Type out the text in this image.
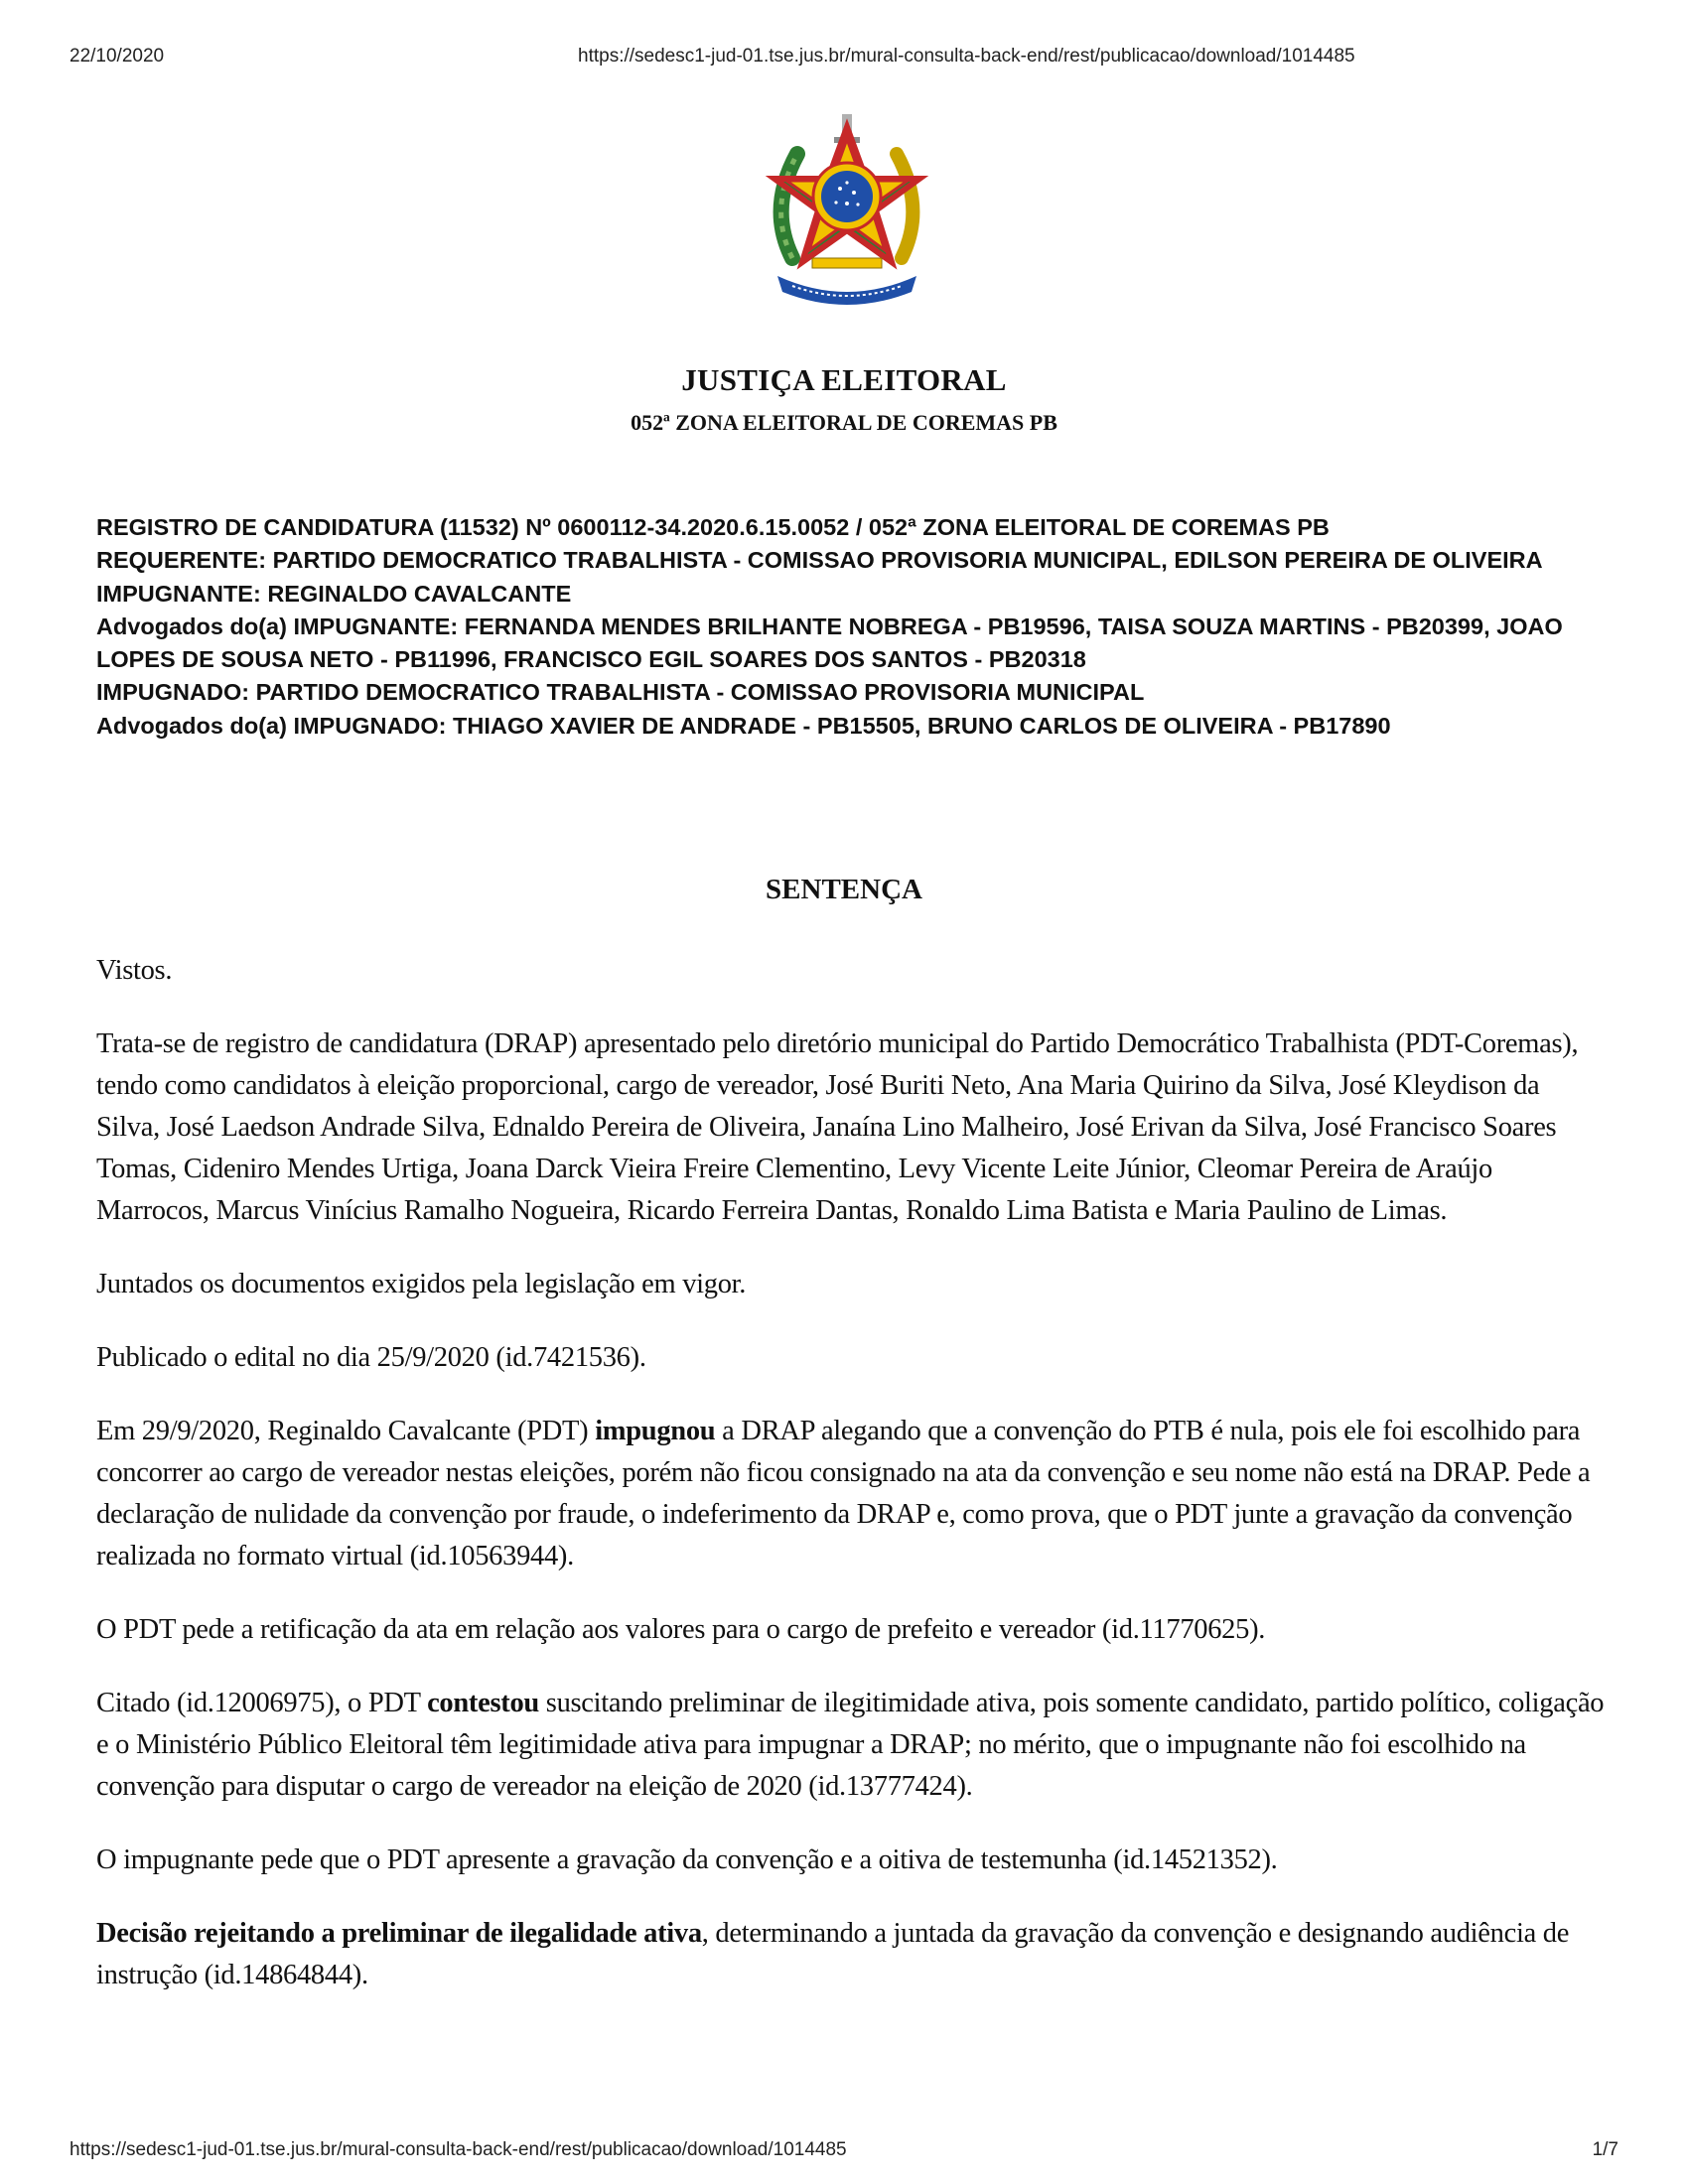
22/10/2020	https://sedesc1-jud-01.tse.jus.br/mural-consulta-back-end/rest/publicacao/download/1014485
JUSTIÇA ELEITORAL
052ª ZONA ELEITORAL DE COREMAS PB

REGISTRO DE CANDIDATURA (11532) Nº 0600112-34.2020.6.15.0052 / 052ª ZONA ELEITORAL DE COREMAS PB

REQUERENTE: PARTIDO DEMOCRATICO TRABALHISTA - COMISSAO PROVISORIA MUNICIPAL, EDILSON PEREIRA DE OLIVEIRA

IMPUGNANTE: REGINALDO CAVALCANTE

Advogados do(a) IMPUGNANTE: FERNANDA MENDES BRILHANTE NOBREGA - PB19596, TAISA SOUZA MARTINS - PB20399, JOAO LOPES DE SOUSA NETO - PB11996, FRANCISCO EGIL SOARES DOS SANTOS - PB20318

IMPUGNADO: PARTIDO DEMOCRATICO TRABALHISTA - COMISSAO PROVISORIA MUNICIPAL

Advogados do(a) IMPUGNADO: THIAGO XAVIER DE ANDRADE - PB15505, BRUNO CARLOS DE OLIVEIRA - PB17890

SENTENÇA

Vistos.

Trata-se de registro de candidatura (DRAP) apresentado pelo diretório municipal do Partido Democrático Trabalhista (PDT-Coremas), tendo como candidatos à eleição proporcional, cargo de vereador, José Buriti Neto, Ana Maria Quirino da Silva, José Kleydison da Silva, José Laedson Andrade Silva, Ednaldo Pereira de Oliveira, Janaína Lino Malheiro, José Erivan da Silva, José Francisco Soares Tomas, Cideniro Mendes Urtiga, Joana Darck Vieira Freire Clementino, Levy Vicente Leite Júnior, Cleomar Pereira de Araújo Marrocos, Marcus Vinícius Ramalho Nogueira, Ricardo Ferreira Dantas, Ronaldo Lima Batista e Maria Paulino de Limas.

Juntados os documentos exigidos pela legislação em vigor.

Publicado o edital no dia 25/9/2020 (id.7421536).

Em 29/9/2020, Reginaldo Cavalcante (PDT) impugnou a DRAP alegando que a convenção do PTB é nula, pois ele foi escolhido para concorrer ao cargo de vereador nestas eleições, porém não ficou consignado na ata da convenção e seu nome não está na DRAP. Pede a declaração de nulidade da convenção por fraude, o indeferimento da DRAP e, como prova, que o PDT junte a gravação da convenção realizada no formato virtual (id.10563944).

O PDT pede a retificação da ata em relação aos valores para o cargo de prefeito e vereador (id.11770625).

Citado (id.12006975), o PDT contestou suscitando preliminar de ilegitimidade ativa, pois somente candidato, partido político, coligação e o Ministério Público Eleitoral têm legitimidade ativa para impugnar a DRAP; no mérito, que o impugnante não foi escolhido na convenção para disputar o cargo de vereador na eleição de 2020 (id.13777424).

O impugnante pede que o PDT apresente a gravação da convenção e a oitiva de testemunha (id.14521352).

Decisão rejeitando a preliminar de ilegalidade ativa, determinando a juntada da gravação da convenção e designando audiência de instrução (id.14864844).

https://sedesc1-jud-01.tse.jus.br/mural-consulta-back-end/rest/publicacao/download/1014485	1/7
